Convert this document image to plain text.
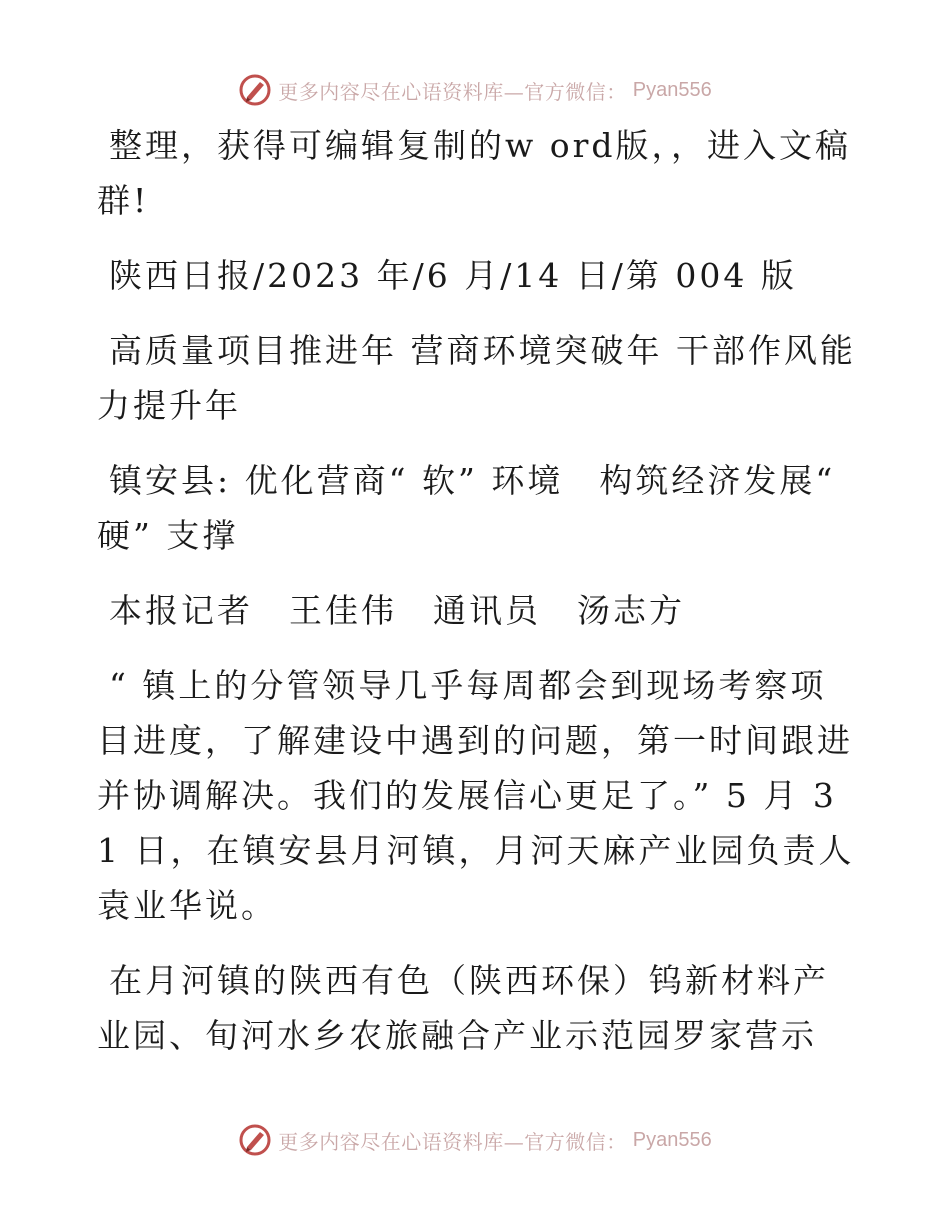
更多内容尽在心语资料库—官方微信： Pyan556

整理，获得可编辑复制的w ord版，，进入文稿群!

陕西日报/2023 年/6 月/14 日/第 004 版

高质量项目推进年 营商环境突破年 干部作风能力提升年

镇安县: 优化营商“ 软” 环境　构筑经济发展“ 硬” 支撑

本报记者　王佳伟　通讯员　汤志方

“ 镇上的分管领导几乎每周都会到现场考察项目进度，了解建设中遇到的问题，第一时间跟进并协调解决。我们的发展信心更足了。” 5 月 31 日，在镇安县月河镇，月河天麻产业园负责人袁业华说。

在月河镇的陕西有色（陕西环保）钨新材料产业园、旬河水乡农旅融合产业示范园罗家营示

更多内容尽在心语资料库—官方微信： Pyan556
